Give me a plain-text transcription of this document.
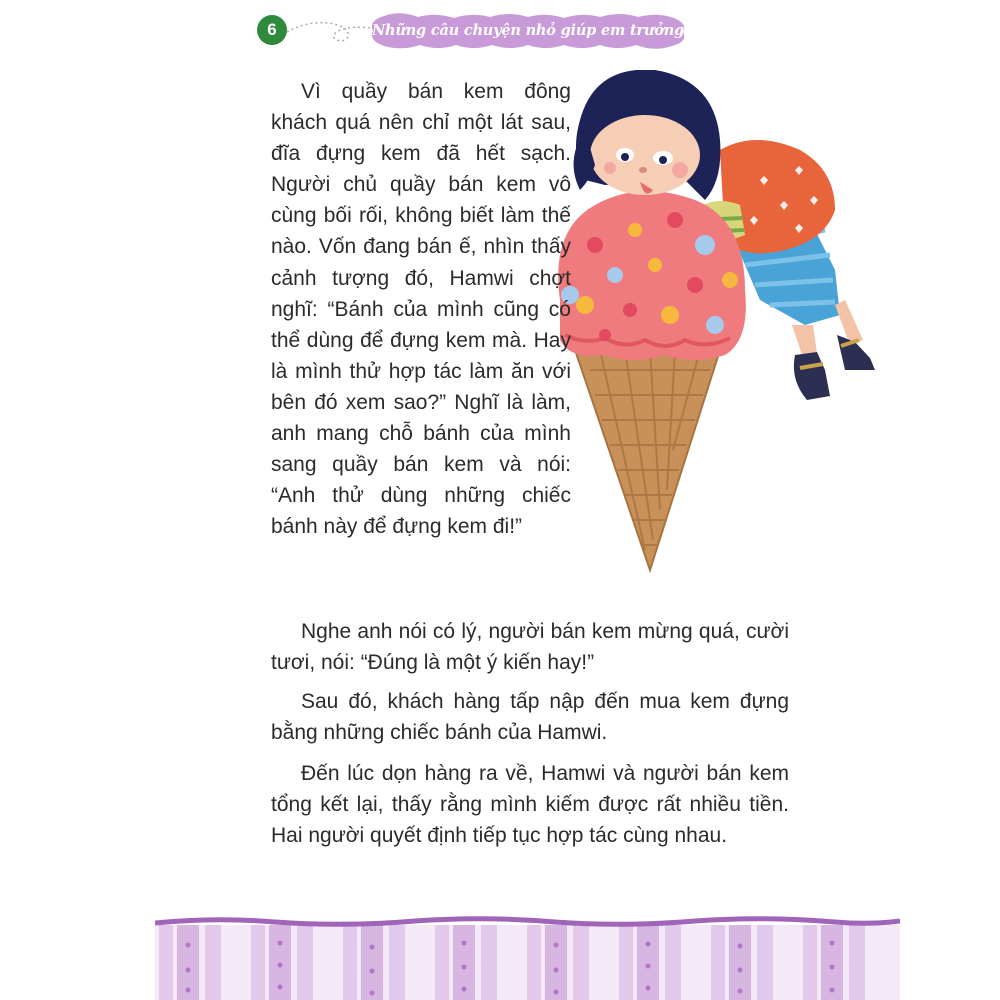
6	Những câu chuyện nhỏ giúp em trưởng thành

Vì quầy bán kem đông khách quá nên chỉ một lát sau, đĩa đựng kem đã hết sạch. Người chủ quầy bán kem vô cùng bối rối, không biết làm thế nào. Vốn đang bán ế, nhìn thấy cảnh tượng đó, Hamwi chợt nghĩ: “Bánh của mình cũng có thể dùng để đựng kem mà. Hay là mình thử hợp tác làm ăn với bên đó xem sao?” Nghĩ là làm, anh mang chỗ bánh của mình sang quầy bán kem và nói: “Anh thử dùng những chiếc bánh này để đựng kem đi!”

Nghe anh nói có lý, người bán kem mừng quá, cười tươi, nói: “Đúng là một ý kiến hay!”

Sau đó, khách hàng tấp nập đến mua kem đựng bằng những chiếc bánh của Hamwi.

Đến lúc dọn hàng ra về, Hamwi và người bán kem tổng kết lại, thấy rằng mình kiếm được rất nhiều tiền. Hai người quyết định tiếp tục hợp tác cùng nhau.
